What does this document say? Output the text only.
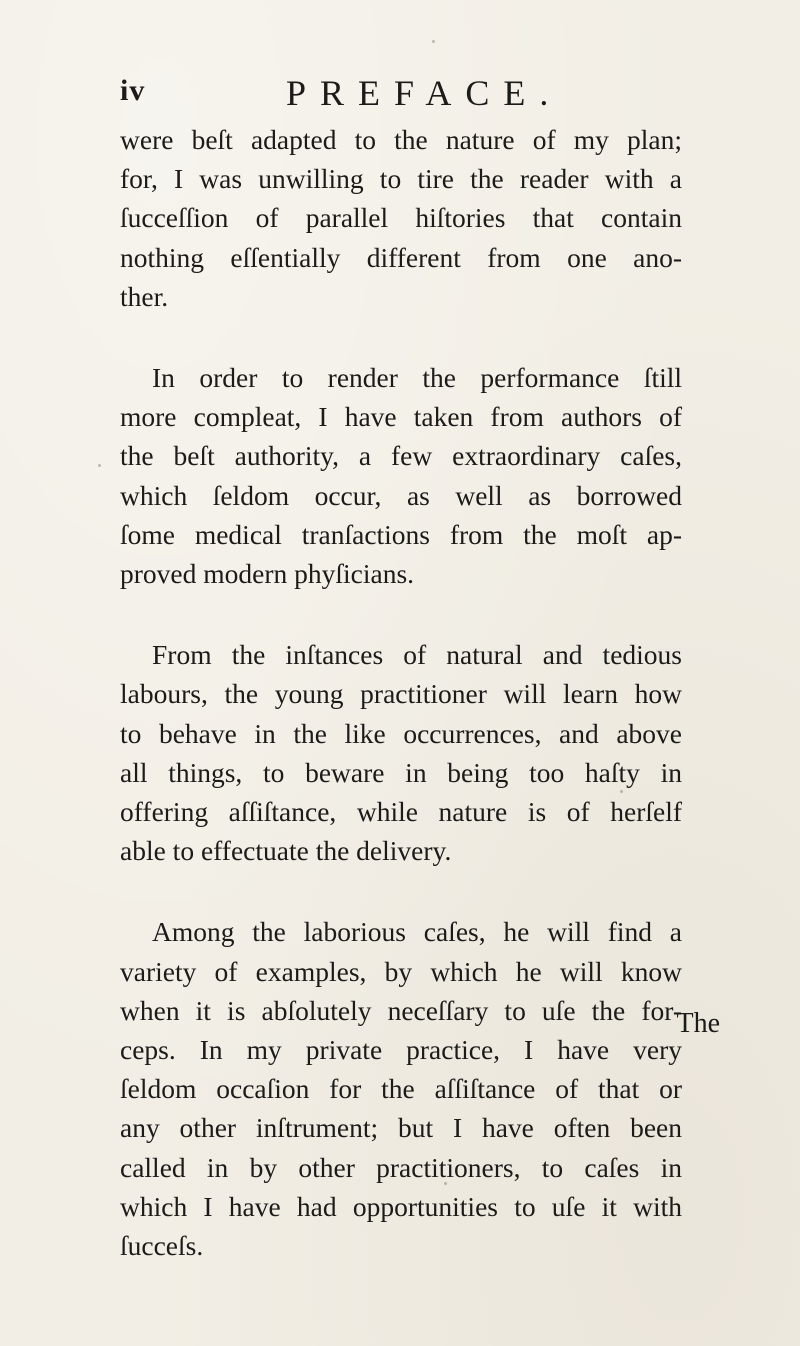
iv	PREFACE.

were beſt adapted to the nature of my plan;
for, I was unwilling to tire the reader with a
ſucceſſion of parallel hiſtories that contain
nothing eſſentially different from one ano-
ther.

In order to render the performance ſtill
more compleat, I have taken from authors of
the beſt authority, a few extraordinary caſes,
which ſeldom occur, as well as borrowed
ſome medical tranſactions from the moſt ap-
proved modern phyſicians.

From the inſtances of natural and tedious
labours, the young practitioner will learn how
to behave in the like occurrences, and above
all things, to beware in being too haſty in
offering aſſiſtance, while nature is of herſelf
able to effectuate the delivery.

Among the laborious caſes, he will find a
variety of examples, by which he will know
when it is abſolutely neceſſary to uſe the for-
ceps. In my private practice, I have very
ſeldom occaſion for the aſſiſtance of that or
any other inſtrument; but I have often been
called in by other practitioners, to caſes in
which I have had opportunities to uſe it with
ſucceſs.

The
